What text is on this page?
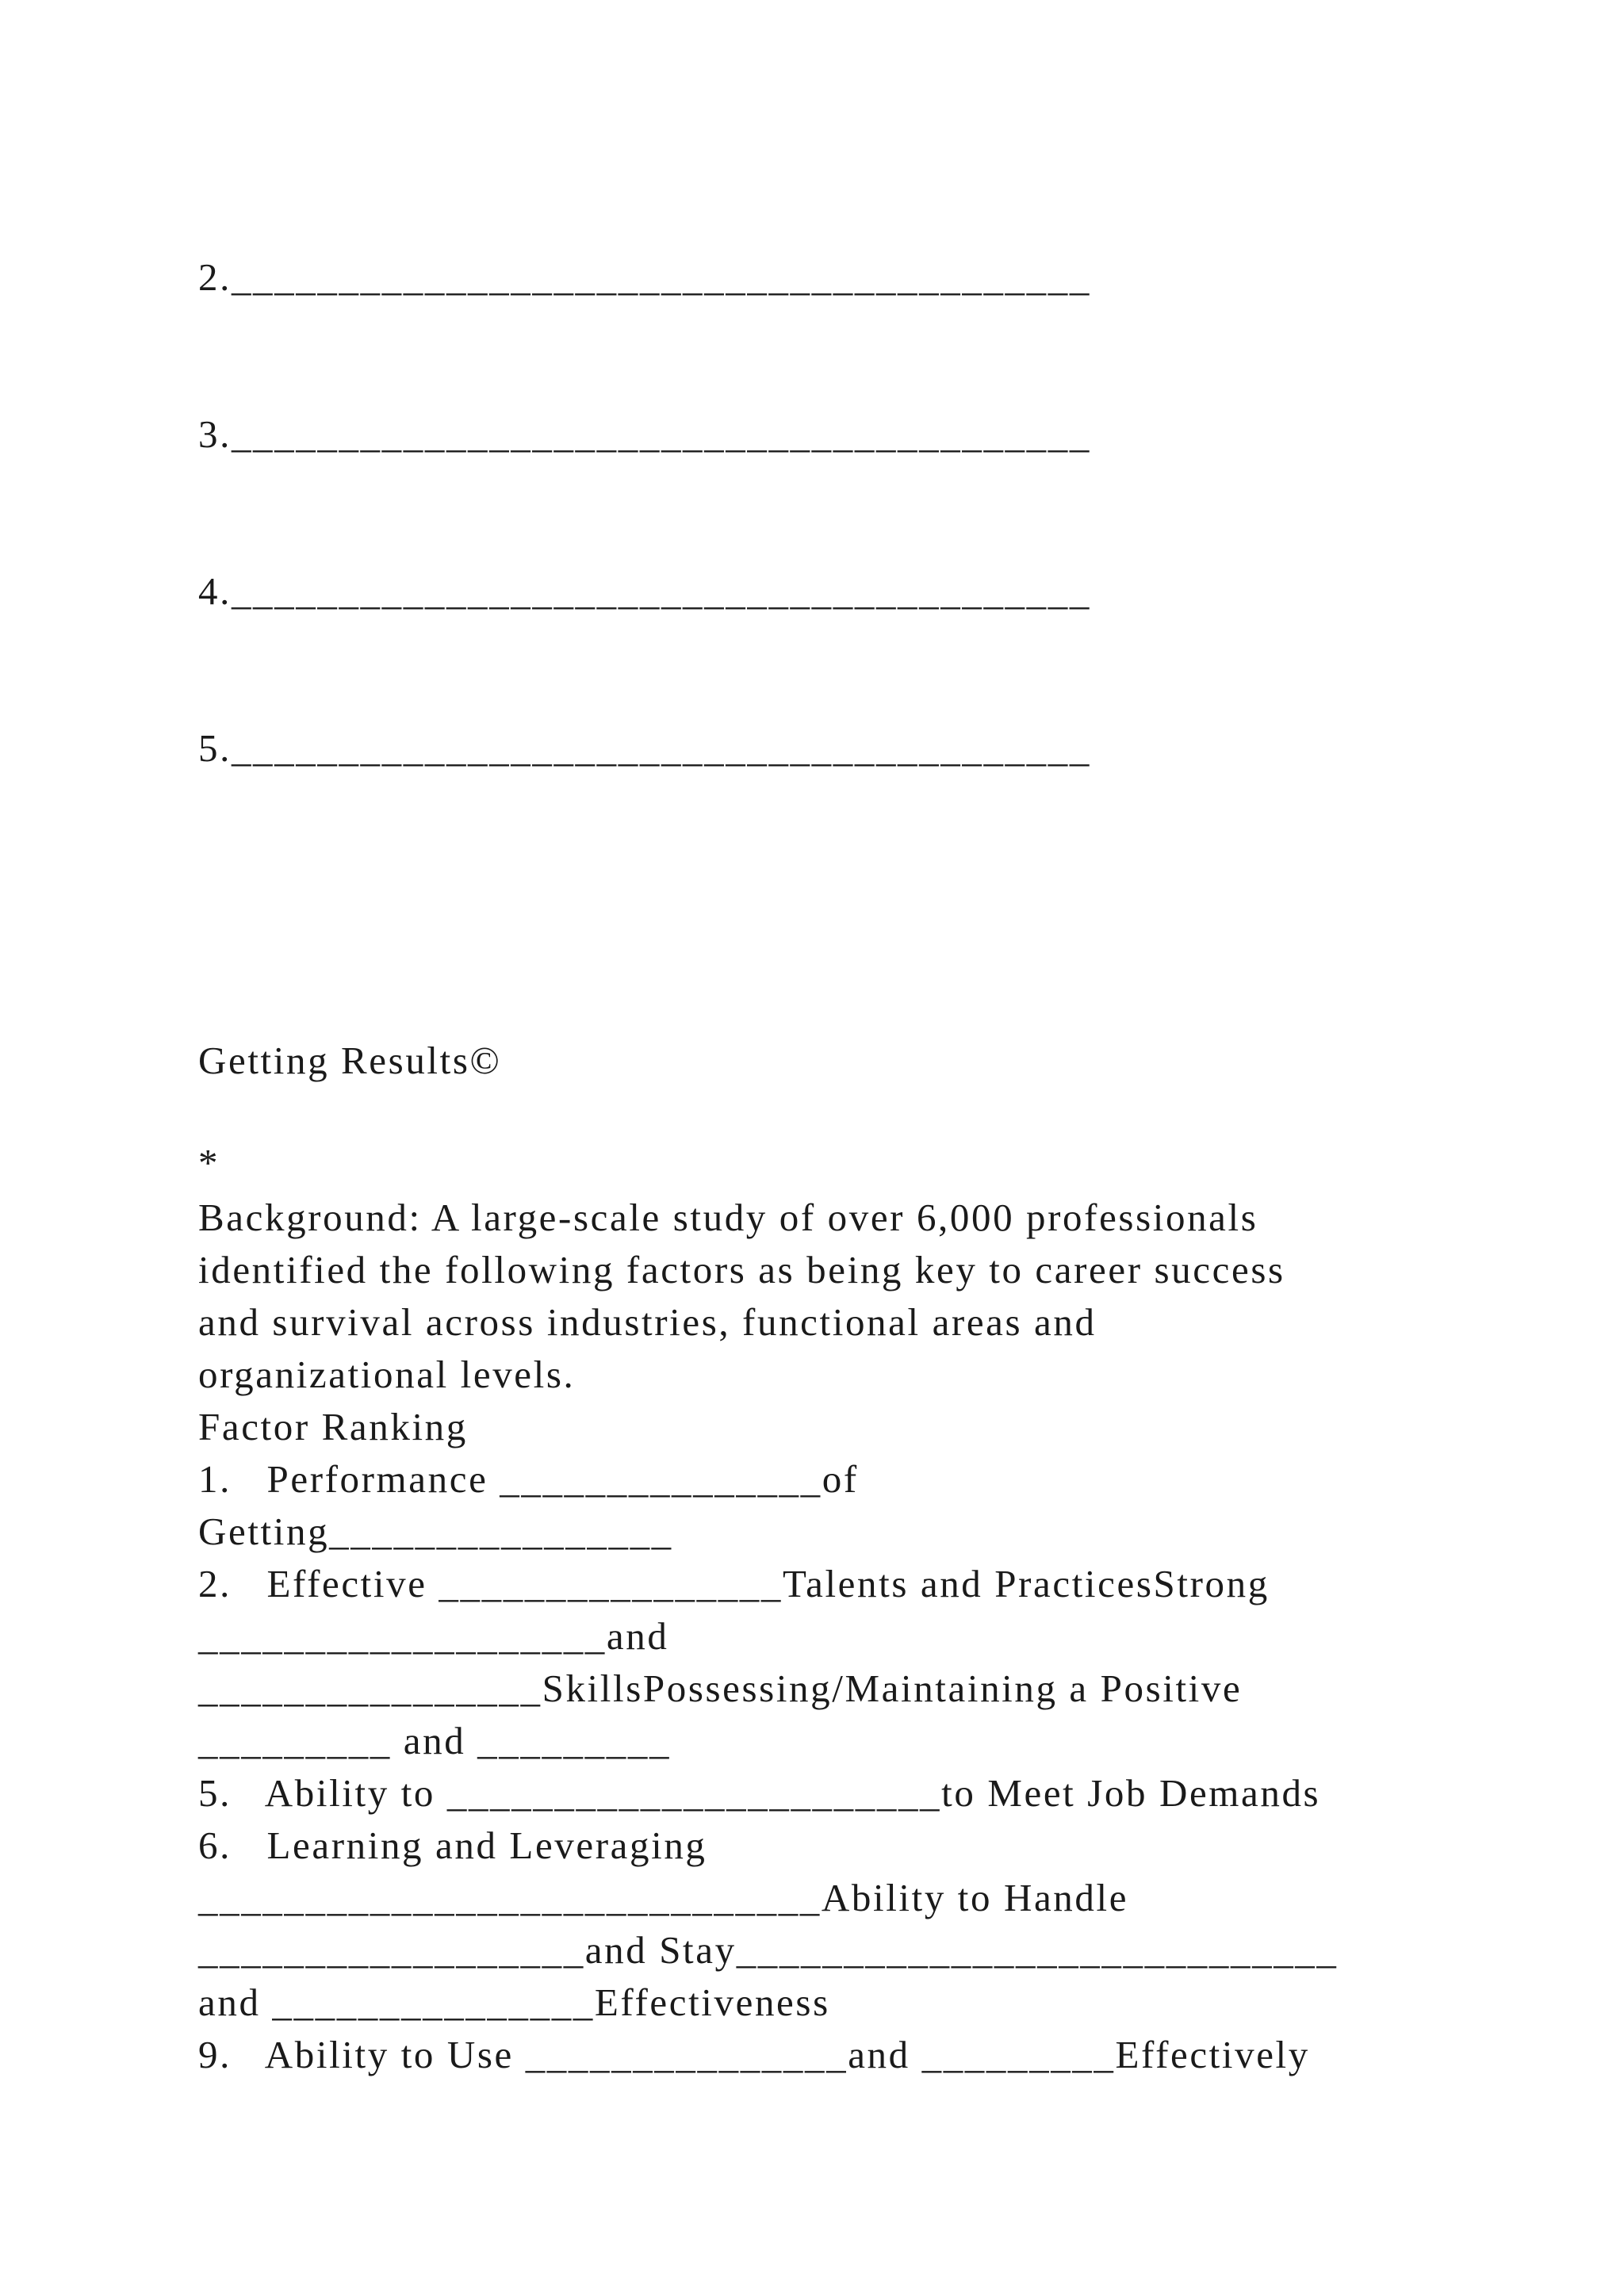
2.________________________________________
3.________________________________________
4.________________________________________
5.________________________________________
Getting Results©
*
Background: A large-scale study of over 6,000 professionals
identified the following factors as being key to career success
and survival across industries, functional areas and
organizational levels.
Factor Ranking
1.   Performance _______________of
Getting________________
2.   Effective ________________Talents and PracticesStrong
___________________and
________________SkillsPossessing/Maintaining a Positive
_________ and _________
5.   Ability to _______________________to Meet Job Demands
6.   Learning and Leveraging
_____________________________Ability to Handle
__________________and Stay____________________________
and _______________Effectiveness
9.   Ability to Use _______________and _________Effectively
